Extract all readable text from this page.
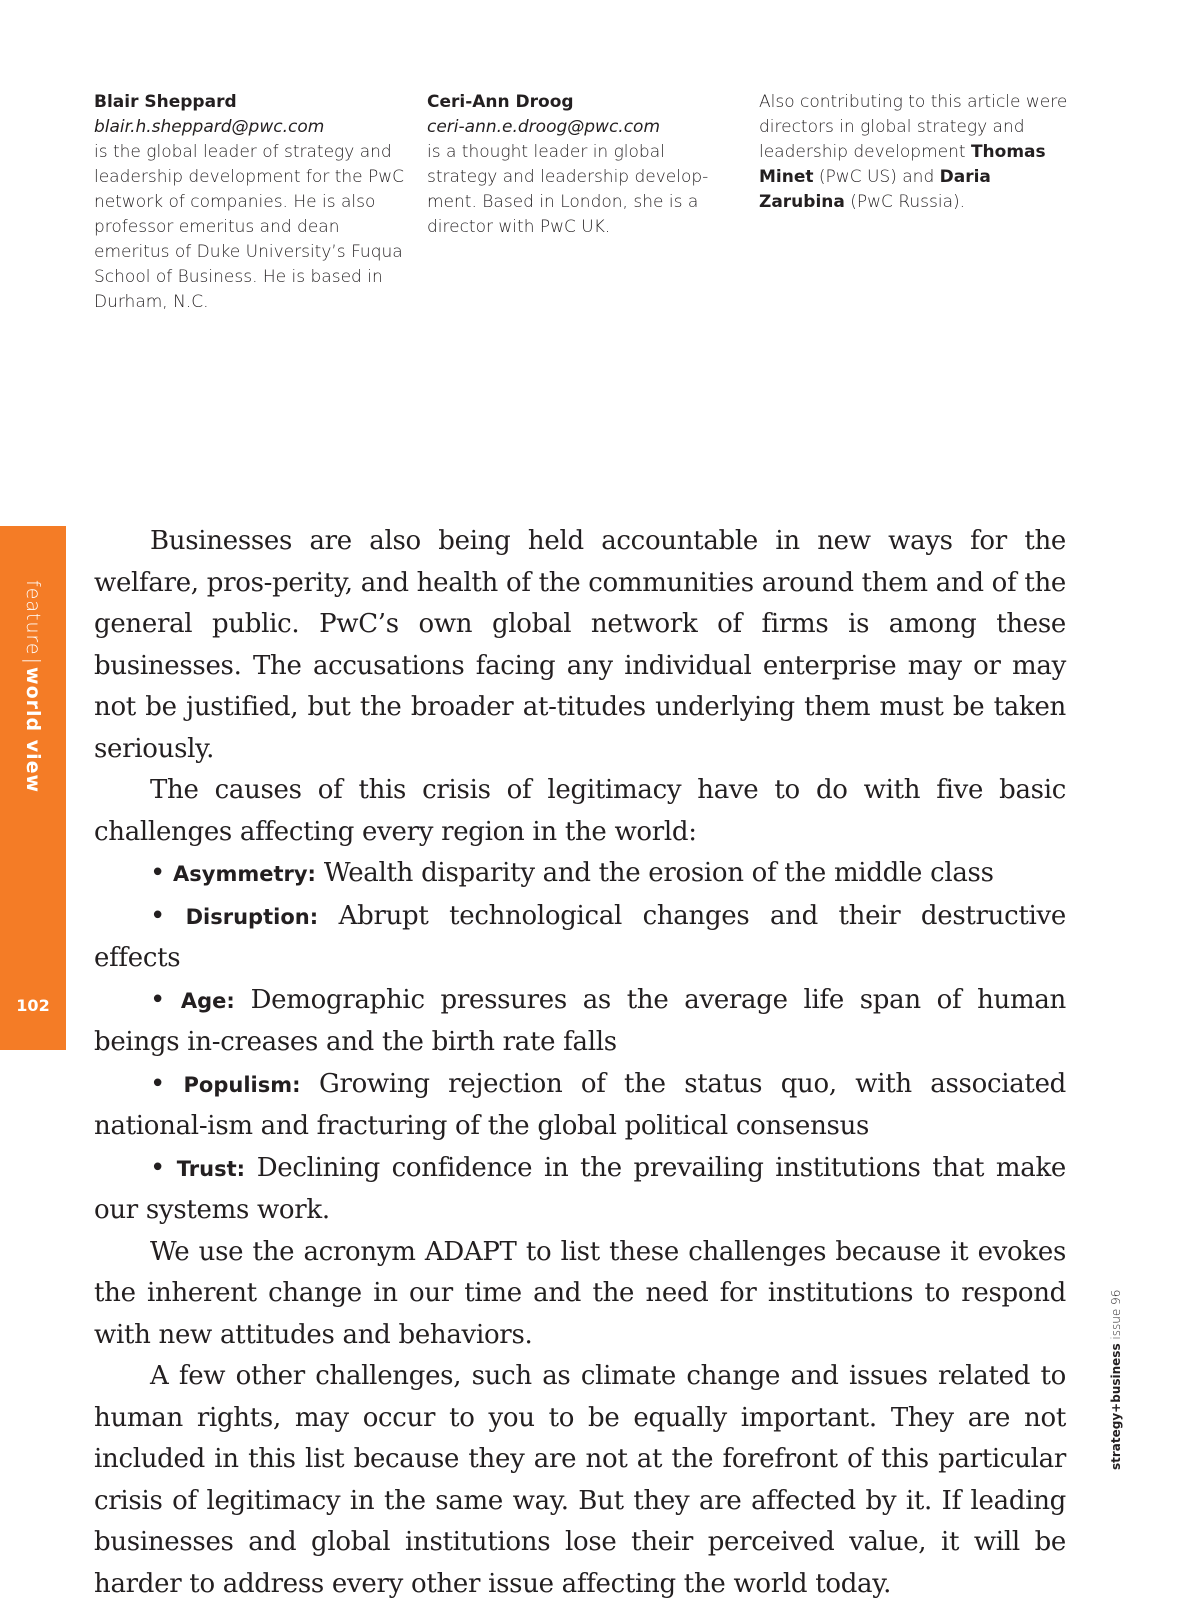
Blair Sheppard
blair.h.sheppard@pwc.com
is the global leader of strategy and leadership development for the PwC network of companies. He is also professor emeritus and dean emeritus of Duke University’s Fuqua School of Business. He is based in Durham, N.C.
Ceri-Ann Droog
ceri-ann.e.droog@pwc.com
is a thought leader in global strategy and leadership develop-ment. Based in London, she is a director with PwC UK.
Also contributing to this article were directors in global strategy and leadership development Thomas Minet (PwC US) and Daria Zarubina (PwC Russia).
feature|world view
102

Businesses are also being held accountable in new ways for the welfare, pros-perity, and health of the communities around them and of the general public. PwC’s own global network of firms is among these businesses. The accusations facing any individual enterprise may or may not be justified, but the broader at-titudes underlying them must be taken seriously.

The causes of this crisis of legitimacy have to do with five basic challenges affecting every region in the world:

• Asymmetry: Wealth disparity and the erosion of the middle class

• Disruption: Abrupt technological changes and their destructive effects

• Age: Demographic pressures as the average life span of human beings in-creases and the birth rate falls

• Populism: Growing rejection of the status quo, with associated national-ism and fracturing of the global political consensus

• Trust: Declining confidence in the prevailing institutions that make our systems work.

We use the acronym ADAPT to list these challenges because it evokes the inherent change in our time and the need for institutions to respond with new attitudes and behaviors.

A few other challenges, such as climate change and issues related to human rights, may occur to you to be equally important. They are not included in this list because they are not at the forefront of this particular crisis of legitimacy in the same way. But they are affected by it. If leading businesses and global institutions lose their perceived value, it will be harder to address every other issue affecting the world today.

strategy+business issue 96
